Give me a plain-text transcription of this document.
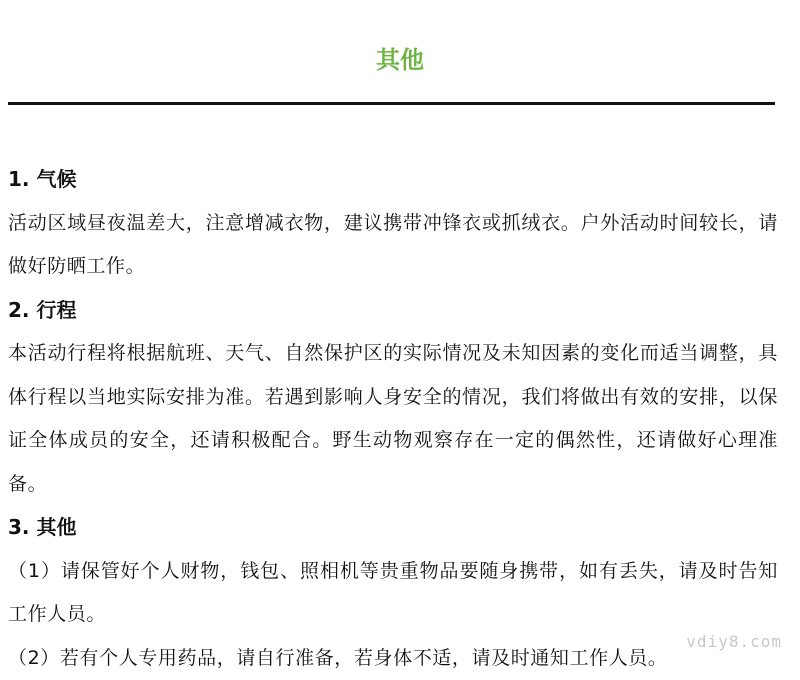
其他

1. 气候

活动区域昼夜温差大，注意增减衣物，建议携带冲锋衣或抓绒衣。户外活动时间较长，请做好防晒工作。

2. 行程

本活动行程将根据航班、天气、自然保护区的实际情况及未知因素的变化而适当调整，具体行程以当地实际安排为准。若遇到影响人身安全的情况，我们将做出有效的安排，以保证全体成员的安全，还请积极配合。野生动物观察存在一定的偶然性，还请做好心理准备。

3. 其他

（1）请保管好个人财物，钱包、照相机等贵重物品要随身携带，如有丢失，请及时告知工作人员。

（2）若有个人专用药品，请自行准备，若身体不适，请及时通知工作人员。

vdiy8.com
